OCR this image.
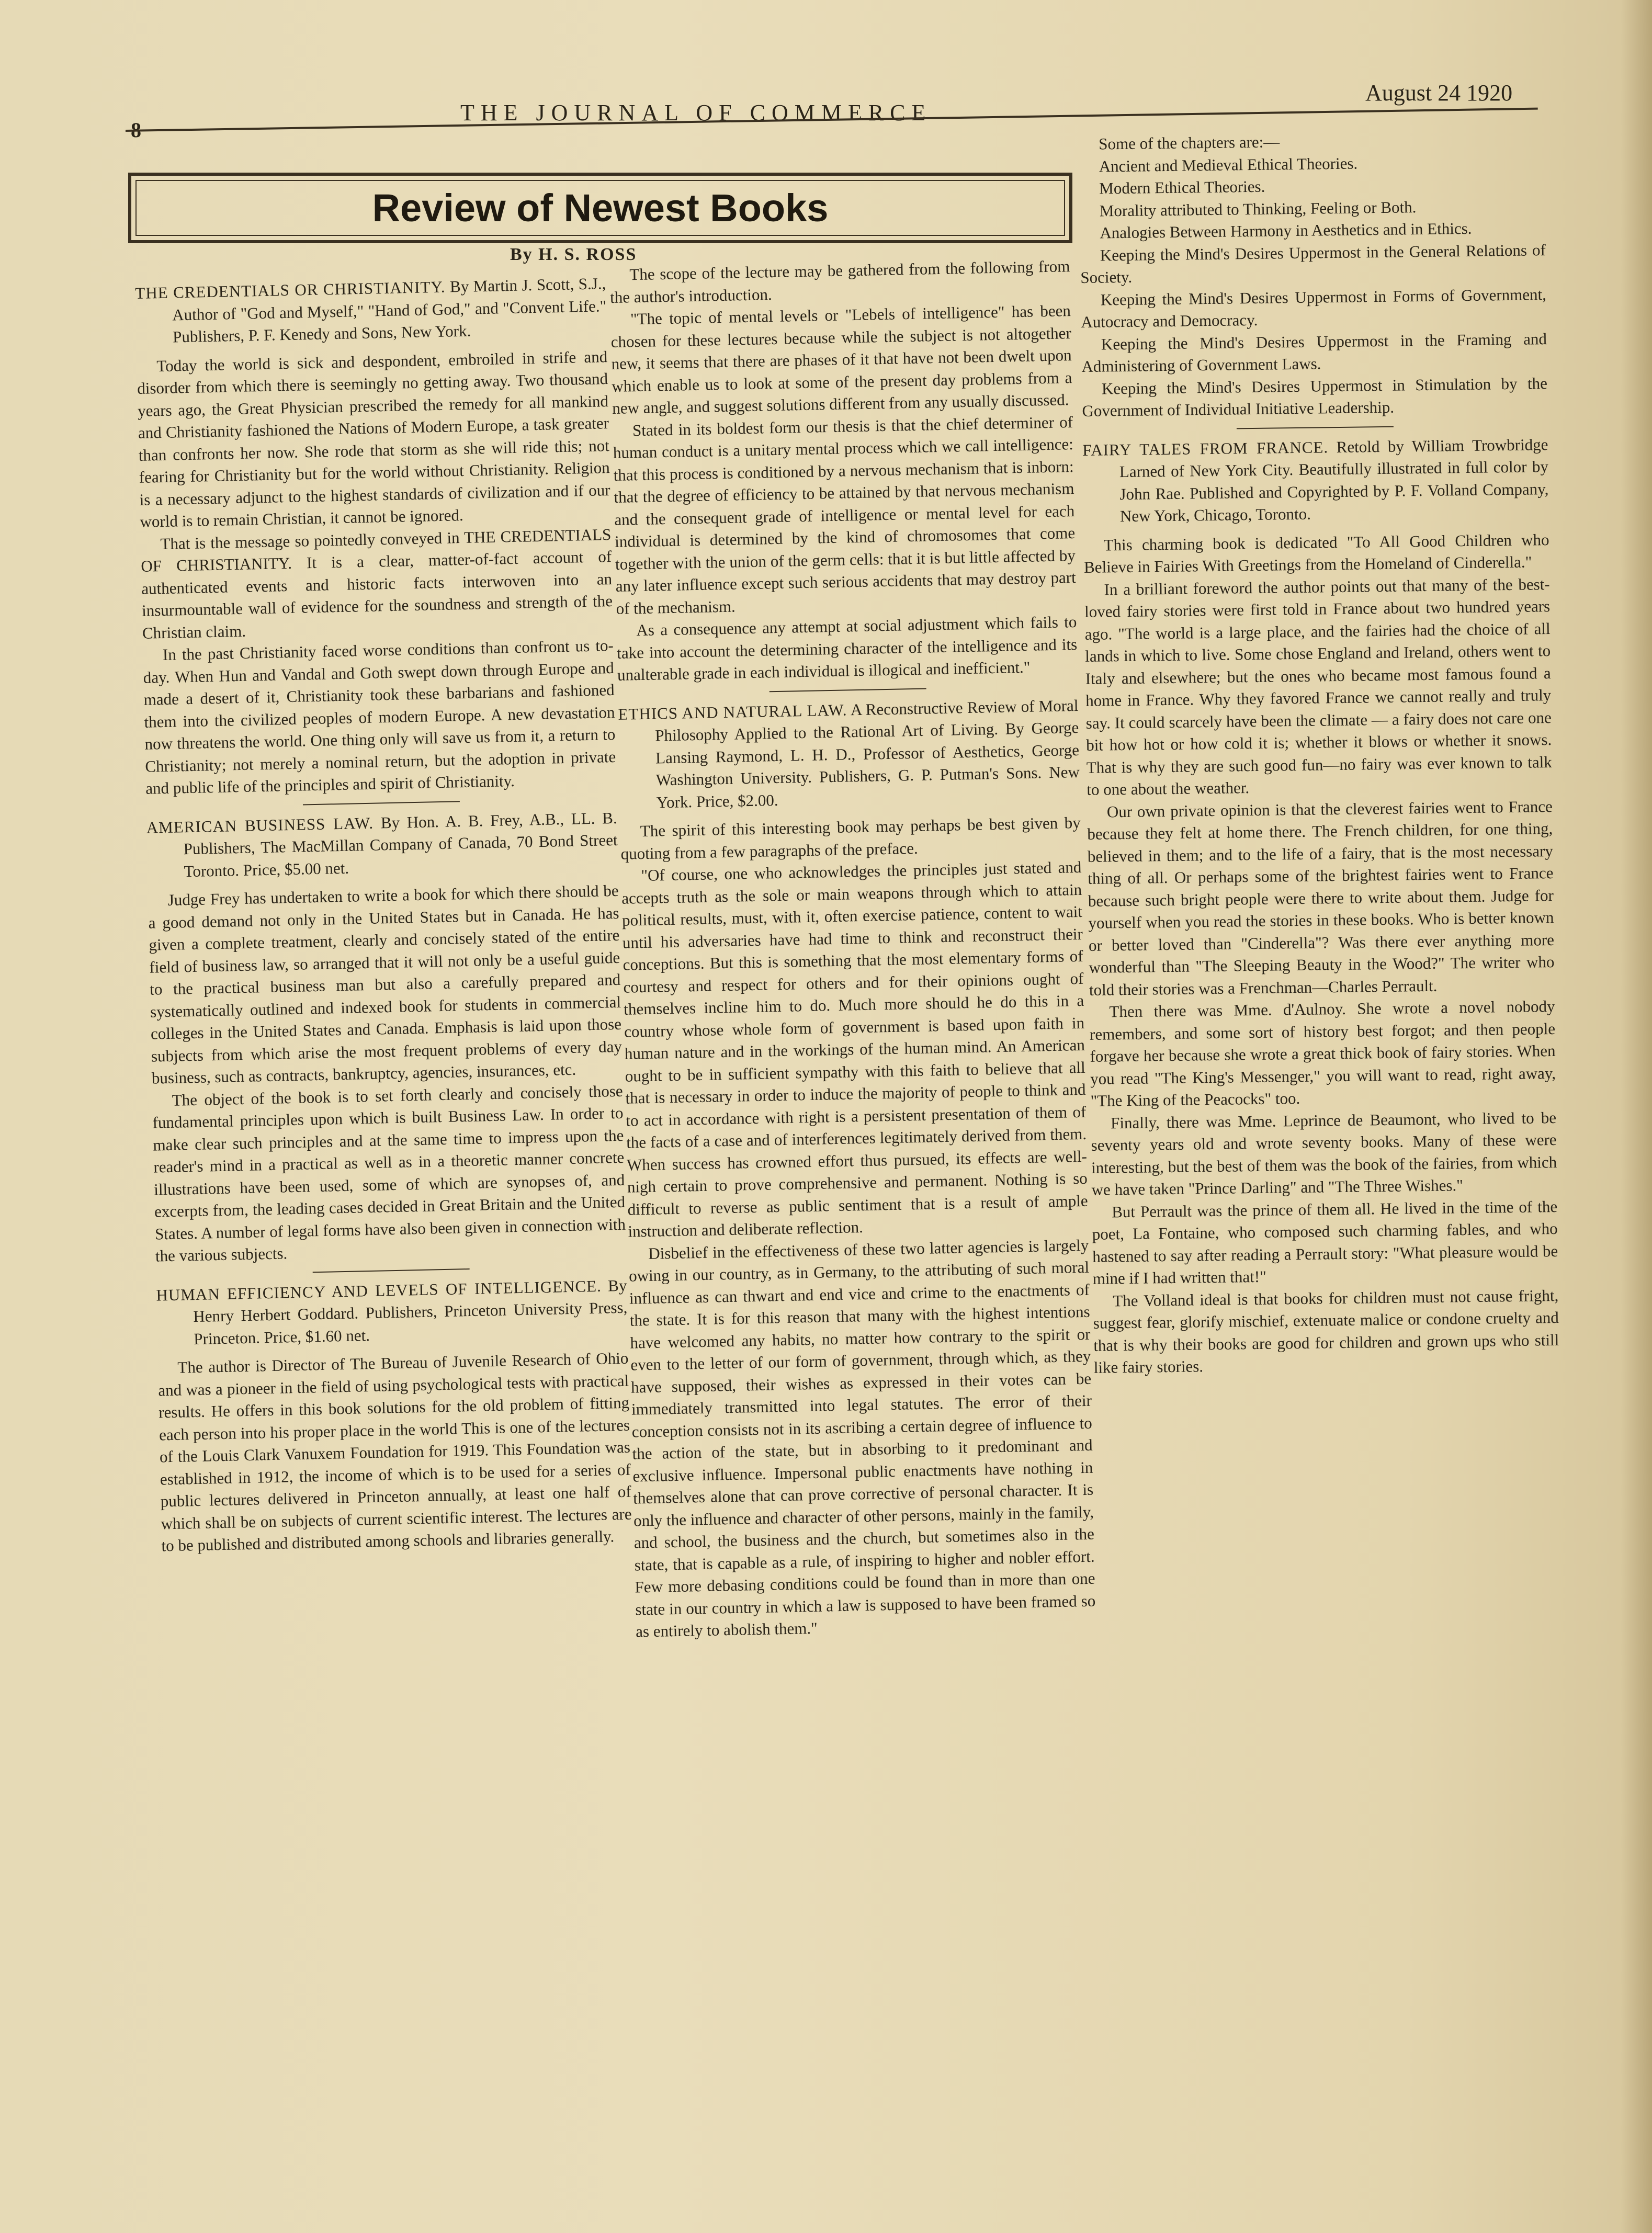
8
THE JOURNAL OF COMMERCE
August 24 1920
Review of Newest Books
By H. S. ROSS
THE CREDENTIALS OR CHRISTIANITY. By Martin J. Scott, S.J., Author of "God and Myself," "Hand of God," and "Convent Life." Publishers, P. F. Kenedy and Sons, New York.

Today the world is sick and despondent, embroiled in strife and disorder from which there is seemingly no getting away. Two thousand years ago, the Great Physician prescribed the remedy for all mankind and Christianity fashioned the Nations of Modern Europe, a task greater than confronts her now. She rode that storm as she will ride this; not fearing for Christianity but for the world without Christianity. Religion is a necessary adjunct to the highest standards of civilization and if our world is to remain Christian, it cannot be ignored.

That is the message so pointedly conveyed in THE CREDENTIALS OF CHRISTIANITY. It is a clear, matter-of-fact account of authenticated events and historic facts interwoven into an insurmountable wall of evidence for the soundness and strength of the Christian claim.

In the past Christianity faced worse conditions than confront us to-day. When Hun and Vandal and Goth swept down through Europe and made a desert of it, Christianity took these barbarians and fashioned them into the civilized peoples of modern Europe. A new devastation now threatens the world. One thing only will save us from it, a return to Christianity; not merely a nominal return, but the adoption in private and public life of the principles and spirit of Christianity.

AMERICAN BUSINESS LAW. By Hon. A. B. Frey, A.B., LL. B. Publishers, The MacMillan Company of Canada, 70 Bond Street Toronto. Price, $5.00 net.

Judge Frey has undertaken to write a book for which there should be a good demand not only in the United States but in Canada. He has given a complete treatment, clearly and concisely stated of the entire field of business law, so arranged that it will not only be a useful guide to the practical business man but also a carefully prepared and systematically outlined and indexed book for students in commercial colleges in the United States and Canada. Emphasis is laid upon those subjects from which arise the most frequent problems of every day business, such as contracts, bankruptcy, agencies, insurances, etc.

The object of the book is to set forth clearly and concisely those fundamental principles upon which is built Business Law. In order to make clear such principles and at the same time to impress upon the reader's mind in a practical as well as in a theoretic manner concrete illustrations have been used, some of which are synopses of, and excerpts from, the leading cases decided in Great Britain and the United States. A number of legal forms have also been given in connection with the various subjects.

HUMAN EFFICIENCY AND LEVELS OF INTELLIGENCE. By Henry Herbert Goddard. Publishers, Princeton University Press, Princeton. Price, $1.60 net.

The author is Director of The Bureau of Juvenile Research of Ohio and was a pioneer in the field of using psychological tests with practical results. He offers in this book solutions for the old problem of fitting each person into his proper place in the world This is one of the lectures of the Louis Clark Vanuxem Foundation for 1919. This Foundation was established in 1912, the income of which is to be used for a series of public lectures delivered in Princeton annually, at least one half of which shall be on subjects of current scientific interest. The lectures are to be published and distributed among schools and libraries generally.

The scope of the lecture may be gathered from the following from the author's introduction.

"The topic of mental levels or "Lebels of intelligence" has been chosen for these lectures because while the subject is not altogether new, it seems that there are phases of it that have not been dwelt upon which enable us to look at some of the present day problems from a new angle, and suggest solutions different from any usually discussed.

Stated in its boldest form our thesis is that the chief determiner of human conduct is a unitary mental process which we call intelligence: that this process is conditioned by a nervous mechanism that is inborn: that the degree of efficiency to be attained by that nervous mechanism and the consequent grade of intelligence or mental level for each individual is determined by the kind of chromosomes that come together with the union of the germ cells: that it is but little affected by any later influence except such serious accidents that may destroy part of the mechanism.

As a consequence any attempt at social adjustment which fails to take into account the determining character of the intelligence and its unalterable grade in each individual is illogical and inefficient."

ETHICS AND NATURAL LAW. A Reconstructive Review of Moral Philosophy Applied to the Rational Art of Living. By George Lansing Raymond, L. H. D., Professor of Aesthetics, George Washington University. Publishers, G. P. Putman's Sons. New York. Price, $2.00.

The spirit of this interesting book may perhaps be best given by quoting from a few paragraphs of the preface.

"Of course, one who acknowledges the principles just stated and accepts truth as the sole or main weapons through which to attain political results, must, with it, often exercise patience, content to wait until his adversaries have had time to think and reconstruct their conceptions. But this is something that the most elementary forms of courtesy and respect for others and for their opinions ought of themselves incline him to do. Much more should he do this in a country whose whole form of government is based upon faith in human nature and in the workings of the human mind. An American ought to be in sufficient sympathy with this faith to believe that all that is necessary in order to induce the majority of people to think and to act in accordance with right is a persistent presentation of them of the facts of a case and of interferences legitimately derived from them. When success has crowned effort thus pursued, its effects are well-nigh certain to prove comprehensive and permanent. Nothing is so difficult to reverse as public sentiment that is a result of ample instruction and deliberate reflection.

Disbelief in the effectiveness of these two latter agencies is largely owing in our country, as in Germany, to the attributing of such moral influence as can thwart and end vice and crime to the enactments of the state. It is for this reason that many with the highest intentions have welcomed any habits, no matter how contrary to the spirit or even to the letter of our form of government, through which, as they have supposed, their wishes as expressed in their votes can be immediately transmitted into legal statutes. The error of their conception consists not in its ascribing a certain degree of influence to the action of the state, but in absorbing to it predominant and exclusive influence. Impersonal public enactments have nothing in themselves alone that can prove corrective of personal character. It is only the influence and character of other persons, mainly in the family, and school, the business and the church, but sometimes also in the state, that is capable as a rule, of inspiring to higher and nobler effort. Few more debasing conditions could be found than in more than one state in our country in which a law is supposed to have been framed so as entirely to abolish them."

Some of the chapters are:—

Ancient and Medieval Ethical Theories.

Modern Ethical Theories.

Morality attributed to Thinking, Feeling or Both.

Analogies Between Harmony in Aesthetics and in Ethics.

Keeping the Mind's Desires Uppermost in the General Relations of Society.

Keeping the Mind's Desires Uppermost in Forms of Government, Autocracy and Democracy.

Keeping the Mind's Desires Uppermost in the Framing and Administering of Government Laws.

Keeping the Mind's Desires Uppermost in Stimulation by the Government of Individual Initiative Leadership.

FAIRY TALES FROM FRANCE. Retold by William Trowbridge Larned of New York City. Beautifully illustrated in full color by John Rae. Published and Copyrighted by P. F. Volland Company, New York, Chicago, Toronto.

This charming book is dedicated "To All Good Children who Believe in Fairies With Greetings from the Homeland of Cinderella."

In a brilliant foreword the author points out that many of the best-loved fairy stories were first told in France about two hundred years ago. "The world is a large place, and the fairies had the choice of all lands in which to live. Some chose England and Ireland, others went to Italy and elsewhere; but the ones who became most famous found a home in France. Why they favored France we cannot really and truly say. It could scarcely have been the climate — a fairy does not care one bit how hot or how cold it is; whether it blows or whether it snows. That is why they are such good fun—no fairy was ever known to talk to one about the weather.

Our own private opinion is that the cleverest fairies went to France because they felt at home there. The French children, for one thing, believed in them; and to the life of a fairy, that is the most necessary thing of all. Or perhaps some of the brightest fairies went to France because such bright people were there to write about them. Judge for yourself when you read the stories in these books. Who is better known or better loved than "Cinderella"? Was there ever anything more wonderful than "The Sleeping Beauty in the Wood?" The writer who told their stories was a Frenchman—Charles Perrault.

Then there was Mme. d'Aulnoy. She wrote a novel nobody remembers, and some sort of history best forgot; and then people forgave her because she wrote a great thick book of fairy stories. When you read "The King's Messenger," you will want to read, right away, "The King of the Peacocks" too.

Finally, there was Mme. Leprince de Beaumont, who lived to be seventy years old and wrote seventy books. Many of these were interesting, but the best of them was the book of the fairies, from which we have taken "Prince Darling" and "The Three Wishes."

But Perrault was the prince of them all. He lived in the time of the poet, La Fontaine, who composed such charming fables, and who hastened to say after reading a Perrault story: "What pleasure would be mine if I had written that!"

The Volland ideal is that books for children must not cause fright, suggest fear, glorify mischief, extenuate malice or condone cruelty and that is why their books are good for children and grown ups who still like fairy stories.
